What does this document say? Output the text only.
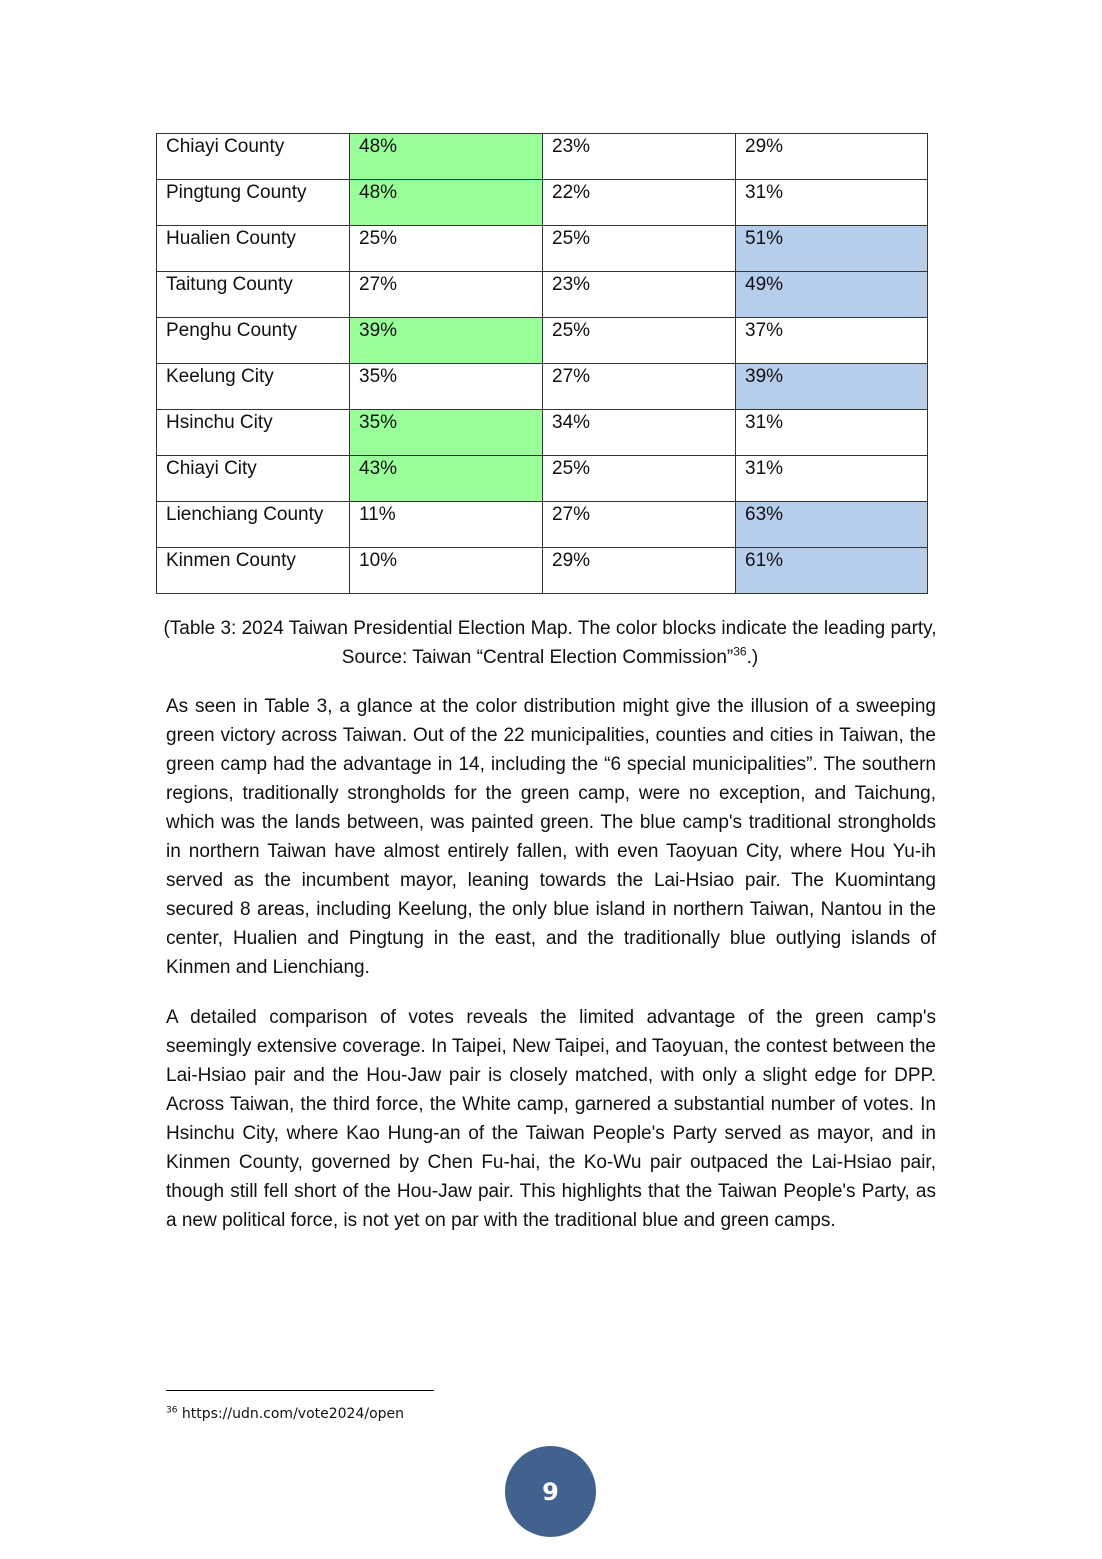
Chiayi County	48%	23%	29%
Pingtung County	48%	22%	31%
Hualien County	25%	25%	51%
Taitung County	27%	23%	49%
Penghu County	39%	25%	37%
Keelung City	35%	27%	39%
Hsinchu City	35%	34%	31%
Chiayi City	43%	25%	31%
Lienchiang County	11%	27%	63%
Kinmen County	10%	29%	61%
(Table 3: 2024 Taiwan Presidential Election Map. The color blocks indicate the leading party, Source: Taiwan “Central Election Commission”$^{36}$.)

As seen in Table 3, a glance at the color distribution might give the illusion of a sweeping green victory across Taiwan. Out of the 22 municipalities, counties and cities in Taiwan, the green camp had the advantage in 14, including the “6 special municipalities”. The southern regions, traditionally strongholds for the green camp, were no exception, and Taichung, which was the lands between, was painted green. The blue camp's traditional strongholds in northern Taiwan have almost entirely fallen, with even Taoyuan City, where Hou Yu-ih served as the incumbent mayor, leaning towards the Lai-Hsiao pair. The Kuomintang secured 8 areas, including Keelung, the only blue island in northern Taiwan, Nantou in the center, Hualien and Pingtung in the east, and the traditionally blue outlying islands of Kinmen and Lienchiang.

A detailed comparison of votes reveals the limited advantage of the green camp's seemingly extensive coverage. In Taipei, New Taipei, and Taoyuan, the contest between the Lai-Hsiao pair and the Hou-Jaw pair is closely matched, with only a slight edge for DPP. Across Taiwan, the third force, the White camp, garnered a substantial number of votes. In Hsinchu City, where Kao Hung-an of the Taiwan People's Party served as mayor, and in Kinmen County, governed by Chen Fu-hai, the Ko-Wu pair outpaced the Lai-Hsiao pair, though still fell short of the Hou-Jaw pair. This highlights that the Taiwan People's Party, as a new political force, is not yet on par with the traditional blue and green camps.

$^{36}$ https://udn.com/vote2024/open
9
